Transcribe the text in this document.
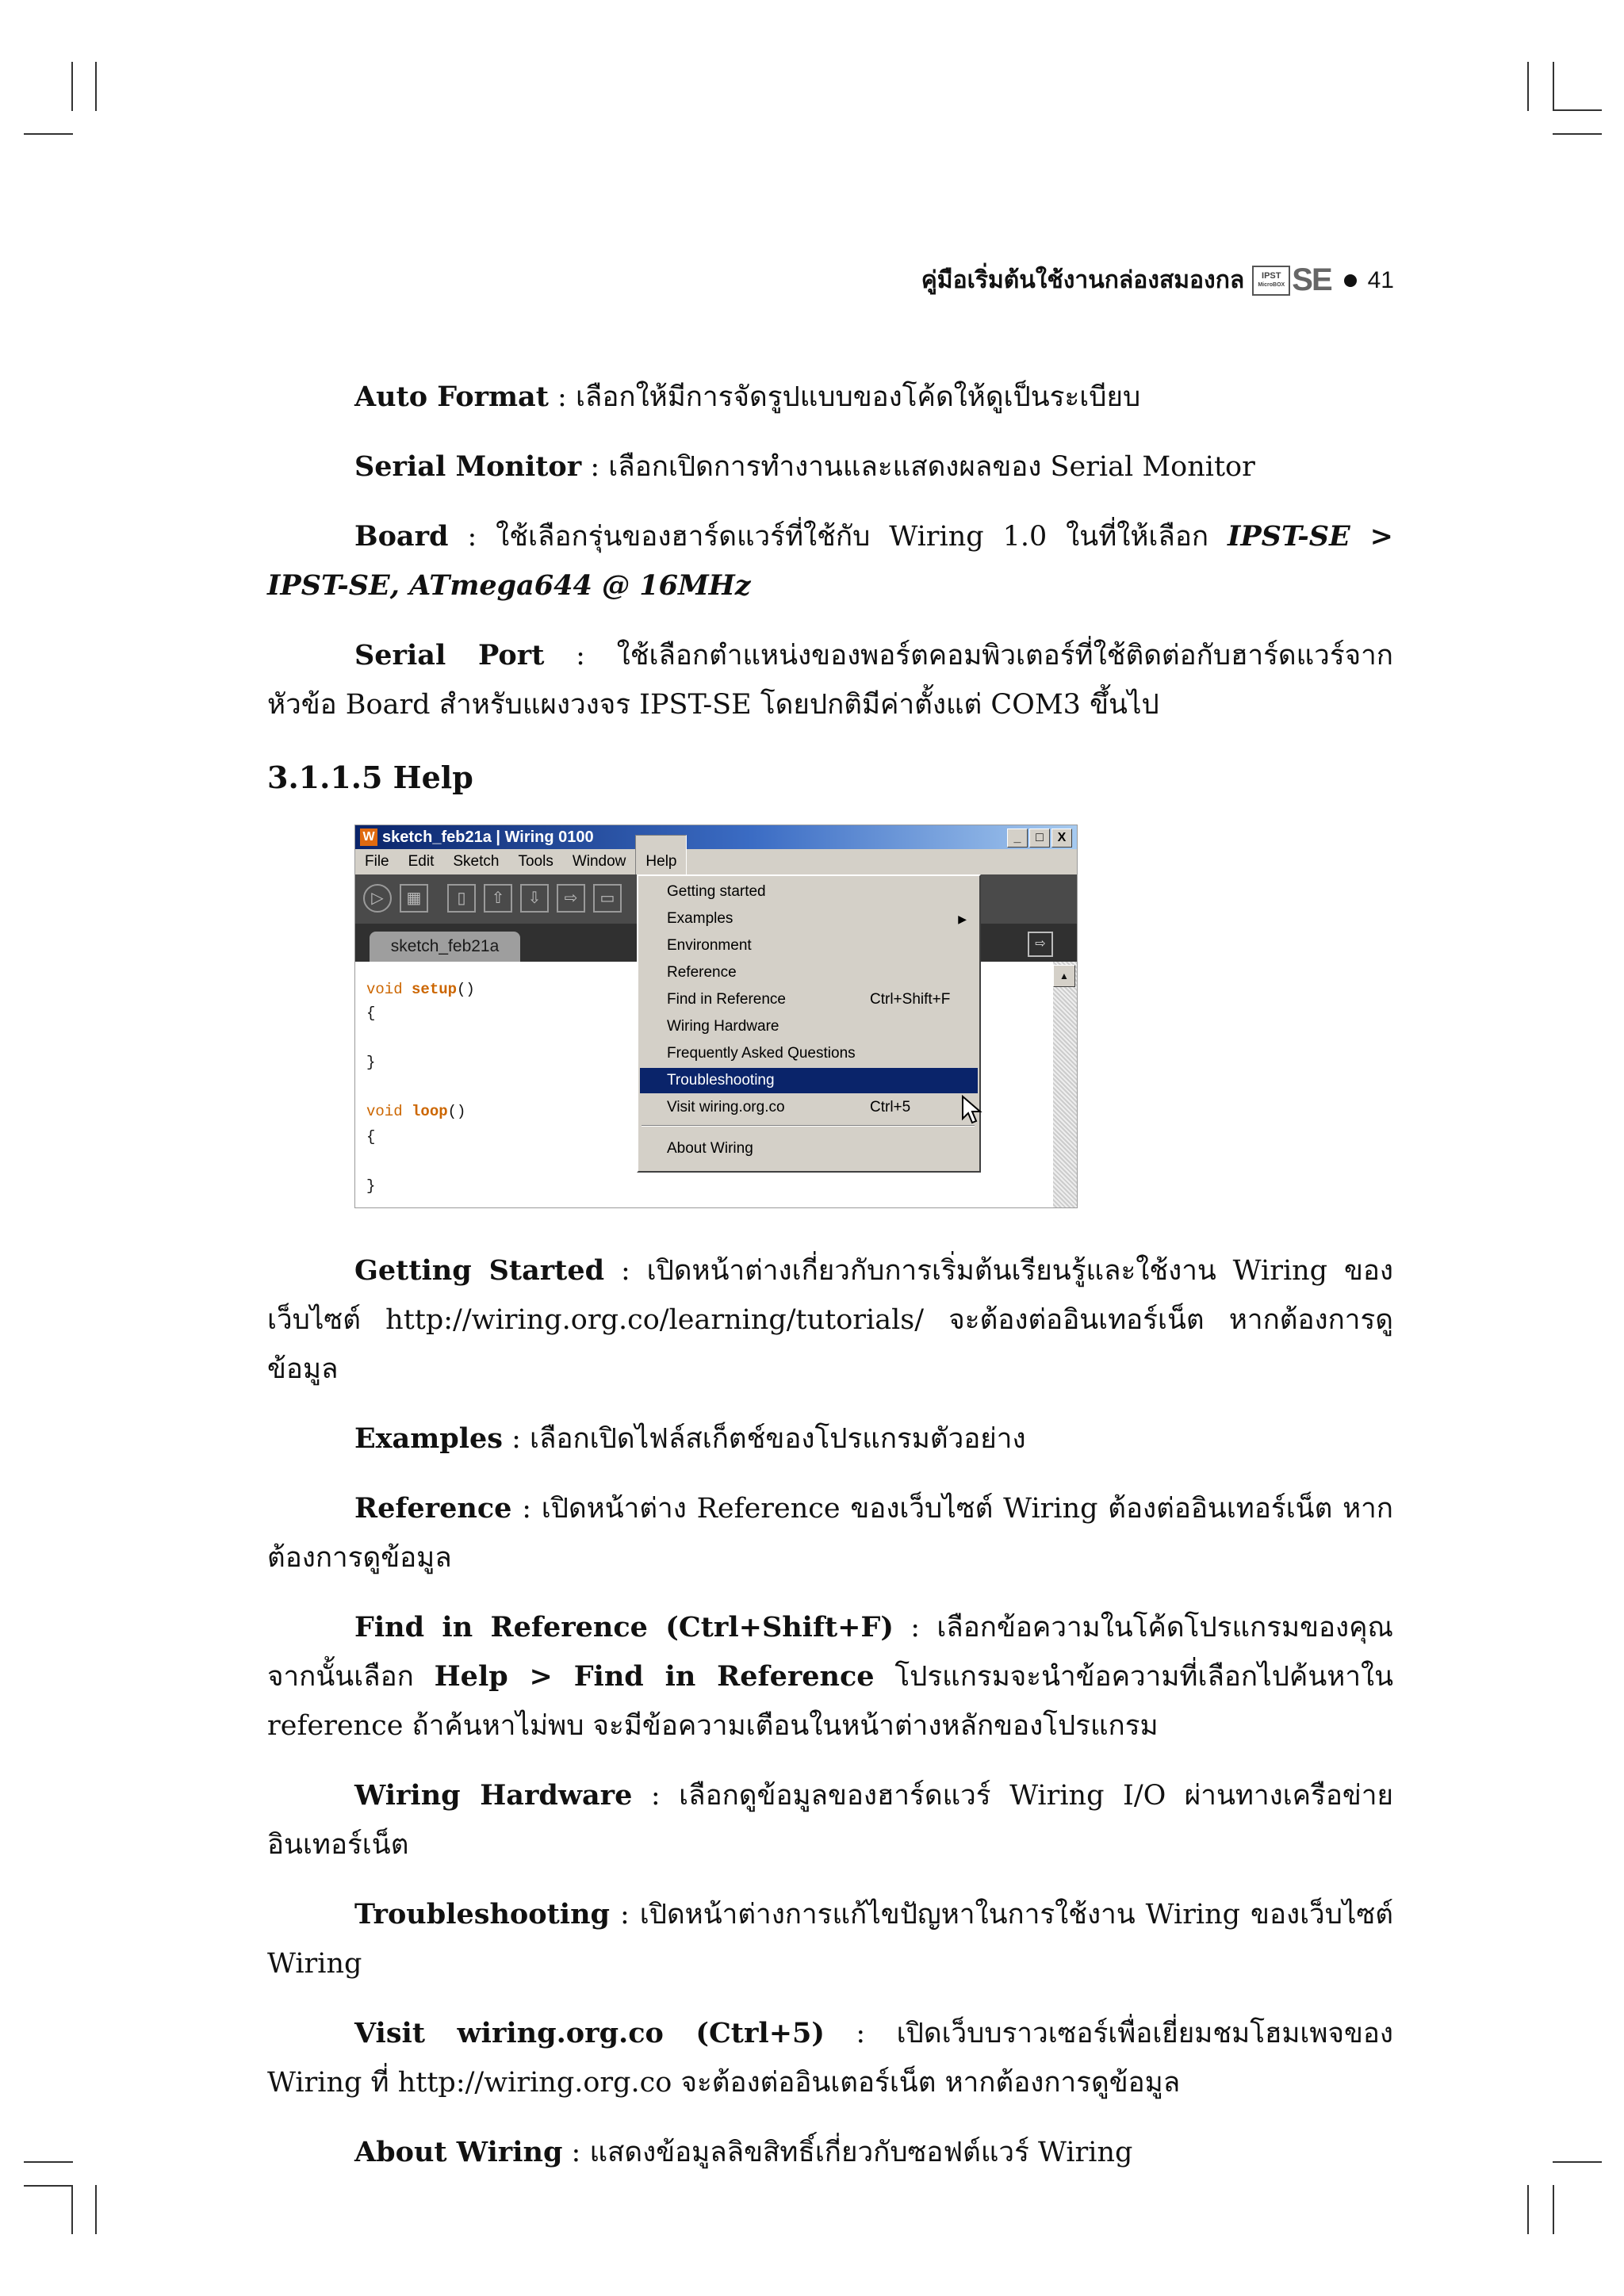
คู่มือเริ่มต้นใช้งานกล่องสมองกล IPST
MicroBOX SE 41

Auto Format : เลือกให้มีการจัดรูปแบบของโค้ดให้ดูเป็นระเบียบ

Serial Monitor : เลือกเปิดการทำงานและแสดงผลของ Serial Monitor

Board : ใช้เลือกรุ่นของฮาร์ดแวร์ที่ใช้กับ Wiring 1.0 ในที่ให้เลือก IPST-SE > IPST-SE, ATmega644 @ 16MHz

Serial Port : ใช้เลือกตำแหน่งของพอร์ตคอมพิวเตอร์ที่ใช้ติดต่อกับฮาร์ดแวร์จากหัวข้อ Board สำหรับแผงวงจร IPST-SE โดยปกติมีค่าตั้งแต่ COM3 ขึ้นไป

3.1.1.5 Help
W sketch_feb21a | Wiring 0100	_	□	X
File	Edit	Sketch	Tools	Window	Help
▷	▦	▯	⇧	⇩	⇨	▭
sketch_feb21a	⇨
void setup()
{
}
void loop()
{
}
▲
Getting started
Examples	▶
Environment
Reference
Find in Reference	Ctrl+Shift+F
Wiring Hardware
Frequently Asked Questions
Troubleshooting
Visit wiring.org.co	Ctrl+5
About Wiring

Getting Started : เปิดหน้าต่างเกี่ยวกับการเริ่มต้นเรียนรู้และใช้งาน Wiring ของเว็บไซต์ http://wiring.org.co/learning/tutorials/ จะต้องต่ออินเทอร์เน็ต หากต้องการดูข้อมูล

Examples : เลือกเปิดไฟล์สเก็ตช์ของโปรแกรมตัวอย่าง

Reference : เปิดหน้าต่าง Reference ของเว็บไซต์ Wiring ต้องต่ออินเทอร์เน็ต หากต้องการดูข้อมูล

Find in Reference (Ctrl+Shift+F) : เลือกข้อความในโค้ดโปรแกรมของคุณ จากนั้นเลือก Help > Find in Reference โปรแกรมจะนำข้อความที่เลือกไปค้นหาใน reference ถ้าค้นหาไม่พบ จะมีข้อความเตือนในหน้าต่างหลักของโปรแกรม

Wiring Hardware : เลือกดูข้อมูลของฮาร์ดแวร์ Wiring I/O ผ่านทางเครือข่ายอินเทอร์เน็ต

Troubleshooting : เปิดหน้าต่างการแก้ไขปัญหาในการใช้งาน Wiring ของเว็บไซต์ Wiring

Visit wiring.org.co (Ctrl+5) : เปิดเว็บบราวเซอร์เพื่อเยี่ยมชมโฮมเพจของ Wiring ที่ http://wiring.org.co จะต้องต่ออินเตอร์เน็ต หากต้องการดูข้อมูล

About Wiring : แสดงข้อมูลลิขสิทธิ์เกี่ยวกับซอฟต์แวร์ Wiring
